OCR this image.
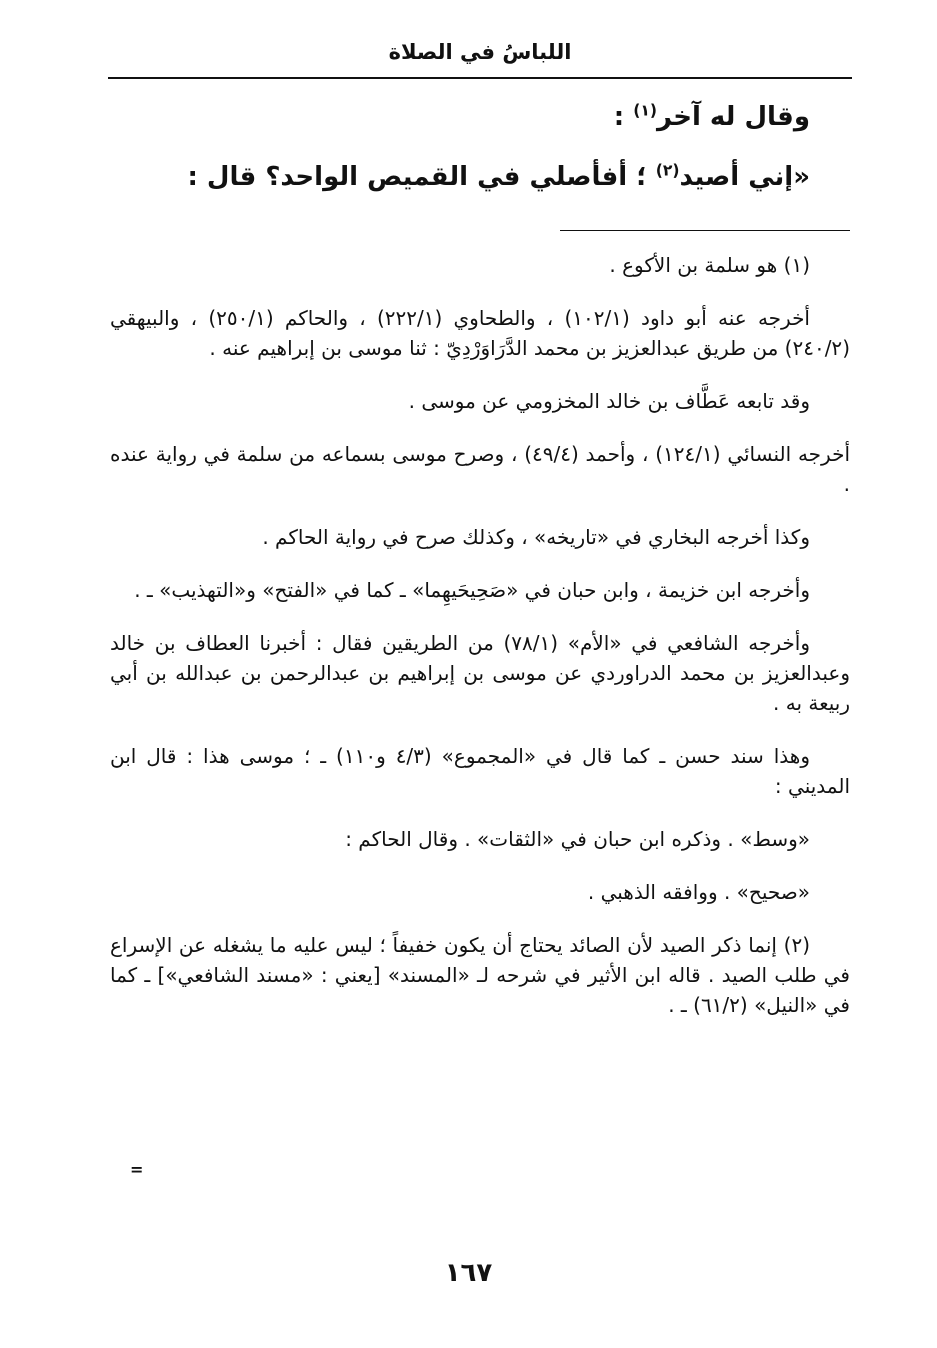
اللباسُ في الصلاة

وقال له آخر$^{(١)}$ :

«إني أصيد$^{(٢)}$ ؛ أفأصلي في القميص الواحد؟ قال :

(١) هو سلمة بن الأكوع .

أخرجه عنه أبو داود (١٠٢/١) ، والطحاوي (٢٢٢/١) ، والحاكم (٢٥٠/١) ، والبيهقي (٢٤٠/٢) من طريق عبدالعزيز بن محمد الدَّرَاوَرْدِيّ : ثنا موسى بن إبراهيم عنه .

وقد تابعه عَطَّاف بن خالد المخزومي عن موسى .

أخرجه النسائي (١٢٤/١) ، وأحمد (٤٩/٤) ، وصرح موسى بسماعه من سلمة في رواية عنده .

وكذا أخرجه البخاري في «تاريخه» ، وكذلك صرح في رواية الحاكم .

وأخرجه ابن خزيمة ، وابن حبان في «صَحِيحَيهِما» ـ كما في «الفتح» و«التهذيب» ـ .

وأخرجه الشافعي في «الأم» (٧٨/١) من الطريقين فقال : أخبرنا العطاف بن خالد وعبدالعزيز بن محمد الدراوردي عن موسى بن إبراهيم بن عبدالرحمن بن عبدالله بن أبي ربيعة به .

وهذا سند حسن ـ كما قال في «المجموع» (٤/٣ و١١٠) ـ ؛ موسى هذا : قال ابن المديني :

«وسط» . وذكره ابن حبان في «الثقات» . وقال الحاكم :

«صحيح» . ووافقه الذهبي .

(٢) إنما ذكر الصيد لأن الصائد يحتاج أن يكون خفيفاً ؛ ليس عليه ما يشغله عن الإسراع في طلب الصيد . قاله ابن الأثير في شرحه لـ «المسند» [يعني : «مسند الشافعي»] ـ كما في «النيل» (٦١/٢) ـ .

=
١٦٧
